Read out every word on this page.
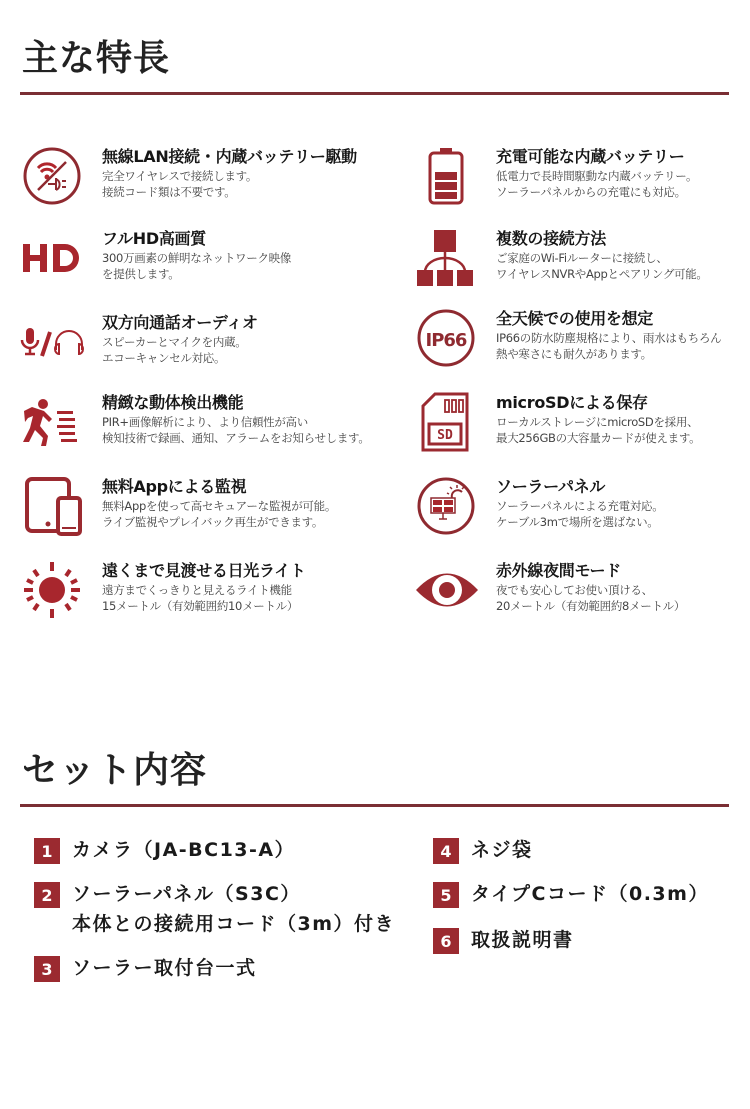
主な特長
無線LAN接続・内蔵バッテリー駆動
完全ワイヤレスで接続します。
接続コード類は不要です。
充電可能な内蔵バッテリー
低電力で長時間駆動な内蔵バッテリー。
ソーラーパネルからの充電にも対応。
フルHD高画質
300万画素の鮮明なネットワーク映像
を提供します。
複数の接続方法
ご家庭のWi-Fiルーターに接続し、
ワイヤレスNVRやAppとペアリング可能。
双方向通話オーディオ
スピーカーとマイクを内蔵。
エコーキャンセル対応。
IP66
全天候での使用を想定
IP66の防水防塵規格により、雨水はもちろん
熱や寒さにも耐久があります。
精緻な動体検出機能
PIR+画像解析により、より信頼性が高い
検知技術で録画、通知、アラームをお知らせします。	SD
microSDによる保存
ローカルストレージにmicroSDを採用、
最大256GBの大容量カードが使えます。
無料Appによる監視
無料Appを使って高セキュアーな監視が可能。
ライブ監視やプレイバック再生ができます。
ソーラーパネル
ソーラーパネルによる充電対応。
ケーブル3mで場所を選ばない。
遠くまで見渡せる日光ライト
遠方までくっきりと見えるライト機能
15メートル（有効範囲約10メートル）
赤外線夜間モード
夜でも安心してお使い頂ける、
20メートル（有効範囲約8メートル）
セット内容
1	カメラ（JA-BC13-A）
2	ソーラーパネル（S3C）
本体との接続用コード（3m）付き
3	ソーラー取付台一式
4	ネジ袋
5	タイプCコード（0.3m）
6	取扱説明書
